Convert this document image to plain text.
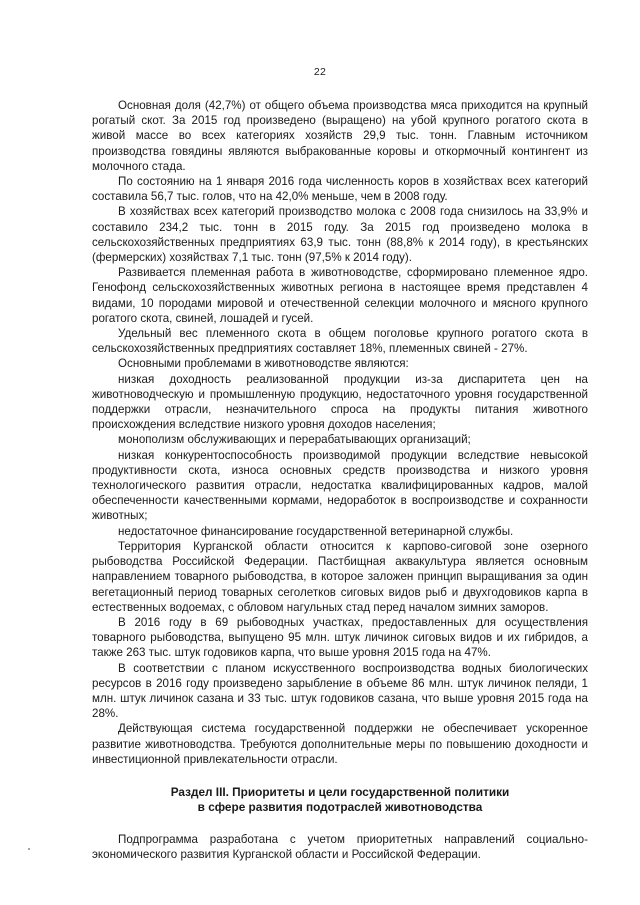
22

Основная доля (42,7%) от общего объема производства мяса приходится на крупный рогатый скот. За 2015 год произведено (выращено) на убой крупного рогатого скота в живой массе во всех категориях хозяйств 29,9 тыс. тонн. Главным источником производства говядины являются выбракованные коровы и откормочный контингент из молочного стада.

По состоянию на 1 января 2016 года численность коров в хозяйствах всех категорий составила 56,7 тыс. голов, что на 42,0% меньше, чем в 2008 году.

В хозяйствах всех категорий производство молока с 2008 года снизилось на 33,9% и составило 234,2 тыс. тонн в 2015 году. За 2015 год произведено молока в сельскохозяйственных предприятиях 63,9 тыс. тонн (88,8% к 2014 году), в крестьянских (фермерских) хозяйствах 7,1 тыс. тонн (97,5% к 2014 году).

Развивается племенная работа в животноводстве, сформировано племенное ядро. Генофонд сельскохозяйственных животных региона в настоящее время представлен 4 видами, 10 породами мировой и отечественной селекции молочного и мясного крупного рогатого скота, свиней, лошадей и гусей.

Удельный вес племенного скота в общем поголовье крупного рогатого скота в сельскохозяйственных предприятиях составляет 18%, племенных свиней - 27%.

Основными проблемами в животноводстве являются:

низкая доходность реализованной продукции из-за диспаритета цен на животноводческую и промышленную продукцию, недостаточного уровня государственной поддержки отрасли, незначительного спроса на продукты питания животного происхождения вследствие низкого уровня доходов населения;

монополизм обслуживающих и перерабатывающих организаций;

низкая конкурентоспособность производимой продукции вследствие невысокой продуктивности скота, износа основных средств производства и низкого уровня технологического развития отрасли, недостатка квалифицированных кадров, малой обеспеченности качественными кормами, недоработок в воспроизводстве и сохранности животных;

недостаточное финансирование государственной ветеринарной службы.

Территория Курганской области относится к карпово-сиговой зоне озерного рыбоводства Российской Федерации. Пастбищная аквакультура является основным направлением товарного рыбоводства, в которое заложен принцип выращивания за один вегетационный период товарных сеголетков сиговых видов рыб и двухгодовиков карпа в естественных водоемах, с обловом нагульных стад перед началом зимних заморов.

В 2016 году в 69 рыбоводных участках, предоставленных для осуществления товарного рыбоводства, выпущено 95 млн. штук личинок сиговых видов и их гибридов, а также 263 тыс. штук годовиков карпа, что выше уровня 2015 года на 47%.

В соответствии с планом искусственного воспроизводства водных биологических ресурсов в 2016 году произведено зарыбление в объеме 86 млн. штук личинок пеляди, 1 млн. штук личинок сазана и 33 тыс. штук годовиков сазана, что выше уровня 2015 года на 28%.

Действующая система государственной поддержки не обеспечивает ускоренное развитие животноводства. Требуются дополнительные меры по повышению доходности и инвестиционной привлекательности отрасли.

Раздел III. Приоритеты и цели государственной политики
в сфере развития подотраслей животноводства

Подпрограмма разработана с учетом приоритетных направлений социально-экономического развития Курганской области и Российской Федерации.
